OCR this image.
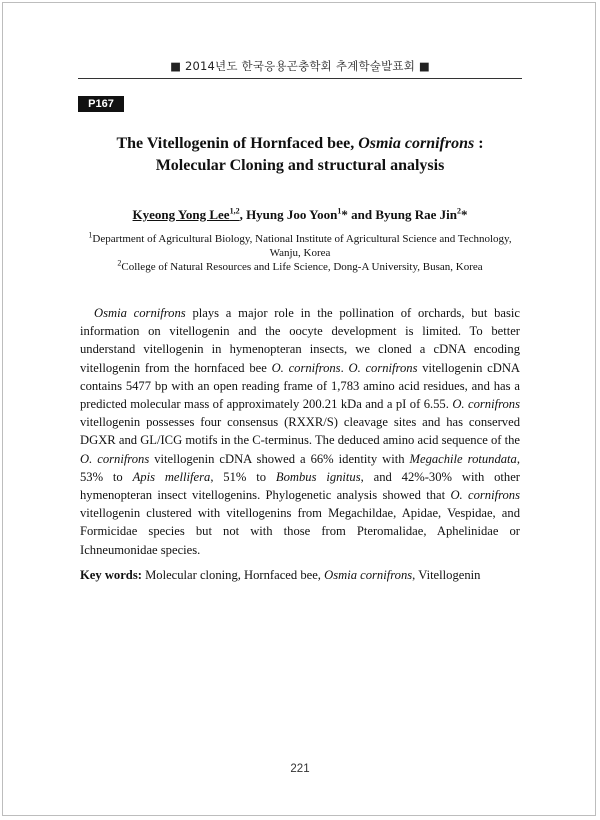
■ 2014년도 한국응용곤충학회 추계학술발표회 ■
P167
The Vitellogenin of Hornfaced bee, Osmia cornifrons :
Molecular Cloning and structural analysis
Kyeong Yong Lee$^{1,2}$, Hyung Joo Yoon$^1$* and Byung Rae Jin$^2$*
$^1$Department of Agricultural Biology, National Institute of Agricultural Science and Technology,
Wanju, Korea
$^2$College of Natural Resources and Life Science, Dong-A University, Busan, Korea

Osmia cornifrons plays a major role in the pollination of orchards, but basic information on vitellogenin and the oocyte development is limited. To better understand vitellogenin in hymenopteran insects, we cloned a cDNA encoding vitellogenin from the hornfaced bee O. cornifrons. O. cornifrons vitellogenin cDNA contains 5477 bp with an open reading frame of 1,783 amino acid residues, and has a predicted molecular mass of approximately 200.21 kDa and a pI of 6.55. O. cornifrons vitellogenin possesses four consensus (RXXR/S) cleavage sites and has conserved DGXR and GL/ICG motifs in the C-terminus. The deduced amino acid sequence of the O. cornifrons vitellogenin cDNA showed a 66% identity with Megachile rotundata, 53% to Apis mellifera, 51% to Bombus ignitus, and 42%-30% with other hymenopteran insect vitellogenins. Phylogenetic analysis showed that O. cornifrons vitellogenin clustered with vitellogenins from Megachildae, Apidae, Vespidae, and Formicidae species but not with those from Pteromalidae, Aphelinidae or Ichneumonidae species.

Key words: Molecular cloning, Hornfaced bee, Osmia cornifrons, Vitellogenin
221
